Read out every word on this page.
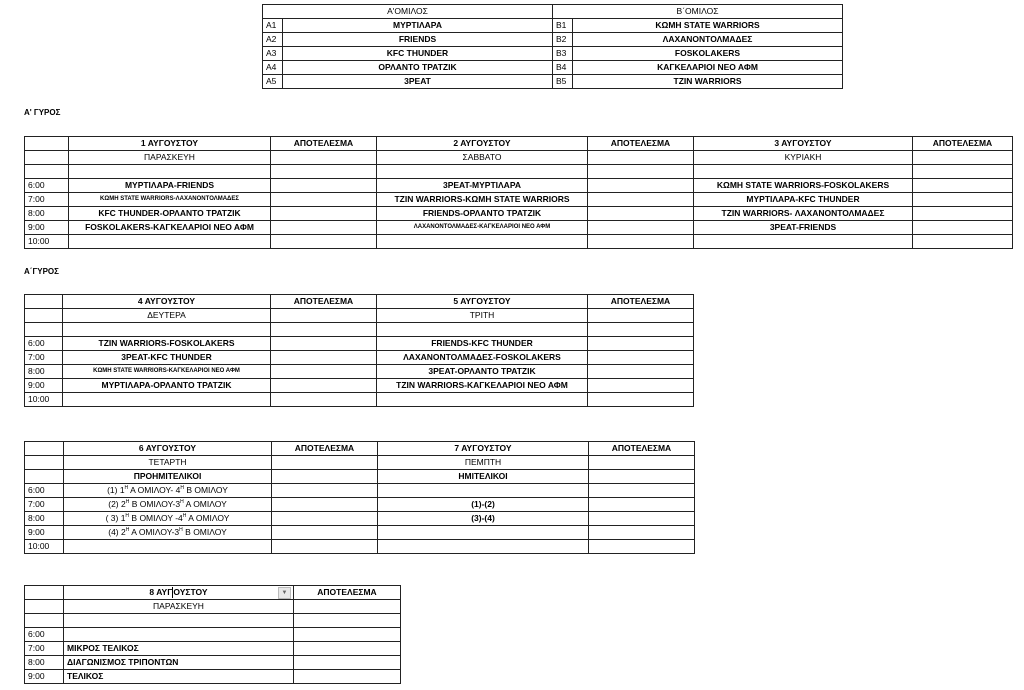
Α'ΟΜΙΛΟΣ		Β΄ΟΜΙΛΟΣ	
A1	ΜΥΡΤΙΛΑΡΑ	B1	ΚΩΜΗ STATE WARRIORS
A2	FRIENDS	B2	ΛΑΧΑΝΟΝΤΟΛΜΑΔΕΣ
A3	KFC THUNDER	B3	FOSKOLAKERS
A4	ΟΡΛΑΝΤΟ ΤΡΑΤΖΙΚ	B4	ΚΑΓΚΕΛΑΡΙΟΙ ΝΕΟ ΑΦΜ
A5	3ΡΕΑΤ	B5	TZIN WARRIORS
Α' ΓΥΡΟΣ
	1 ΑΥΓΟΥΣΤΟΥ	ΑΠΟΤΕΛΕΣΜΑ	2 ΑΥΓΟΥΣΤΟΥ	ΑΠΟΤΕΛΕΣΜΑ	3 ΑΥΓΟΥΣΤΟΥ	ΑΠΟΤΕΛΕΣΜΑ
	ΠΑΡΑΣΚΕΥΗ		ΣΑΒΒΑΤΟ		ΚΥΡΙΑΚΗ	

6:00	ΜΥΡΤΙΛΑΡΑ-FRIENDS		3ΡΕΑΤ-ΜΥΡΤΙΛΑΡΑ		ΚΩΜΗ STATE WARRIORS-FOSKOLAKERS	
7:00	ΚΩΜΗ STATE WARRIORS-ΛΑΧΑΝΟΝΤΟΛΜΑΔΕΣ		TZIN WARRIORS-ΚΩΜΗ STATE WARRIORS		ΜΥΡΤΙΛΑΡΑ-KFC THUNDER	
8:00	KFC THUNDER-ΟΡΛΑΝΤΟ ΤΡΑΤΖΙΚ		FRIENDS-ΟΡΛΑΝΤΟ ΤΡΑΤΖΙΚ		TZIN WARRIORS- ΛΑΧΑΝΟΝΤΟΛΜΑΔΕΣ	
9:00	FOSKOLAKERS-ΚΑΓΚΕΛΑΡΙΟΙ ΝΕΟ ΑΦΜ		ΛΑΧΑΝΟΝΤΟΛΜΑΔΕΣ-ΚΑΓΚΕΛΑΡΙΟΙ ΝΕΟ ΑΦΜ		3ΡΕΑΤ-FRIENDS	
10:00						
Α΄ΓΥΡΟΣ
	4 ΑΥΓΟΥΣΤΟΥ	ΑΠΟΤΕΛΕΣΜΑ	5 ΑΥΓΟΥΣΤΟΥ	ΑΠΟΤΕΛΕΣΜΑ
	ΔΕΥΤΕΡΑ		ΤΡΙΤΗ	

6:00	TZIN WARRIORS-FOSKOLAKERS		FRIENDS-KFC THUNDER	
7:00	3ΡΕΑΤ-KFC THUNDER		ΛΑΧΑΝΟΝΤΟΛΜΑΔΕΣ-FOSKOLAKERS	
8:00	ΚΩΜΗ STATE WARRIORS-ΚΑΓΚΕΛΑΡΙΟΙ ΝΕΟ ΑΦΜ		3ΡΕΑΤ-ΟΡΛΑΝΤΟ ΤΡΑΤΖΙΚ	
9:00	ΜΥΡΤΙΛΑΡΑ-ΟΡΛΑΝΤΟ ΤΡΑΤΖΙΚ		TZIN WARRIORS-ΚΑΓΚΕΛΑΡΙΟΙ ΝΕΟ ΑΦΜ	
10:00				
	6 ΑΥΓΟΥΣΤΟΥ	ΑΠΟΤΕΛΕΣΜΑ	7 ΑΥΓΟΥΣΤΟΥ	ΑΠΟΤΕΛΕΣΜΑ
	ΤΕΤΑΡΤΗ		ΠΕΜΠΤΗ	
	ΠΡΟΗΜΙΤΕΛΙΚΟΙ		ΗΜΙΤΕΛΙΚΟΙ	
6:00	(1) $1^H$ Α ΟΜΙΛΟΥ- $4^H$ Β ΟΜΙΛΟΥ			
7:00	(2) $2^H$ Β ΟΜΙΛΟΥ-$3^H$ Α ΟΜΙΛΟΥ		(1)-(2)	
8:00	( 3) $1^H$ Β ΟΜΙΛΟΥ $-4^H$ Α ΟΜΙΛΟΥ		(3)-(4)	
9:00	(4) $2^H$ Α ΟΜΙΛΟΥ-$3^H$ Β ΟΜΙΛΟΥ			
10:00				
	8 ΑΥΓΟΥΣΤΟΥ ▼	ΑΠΟΤΕΛΕΣΜΑ
	ΠΑΡΑΣΚΕΥΗ	

6:00		
7:00	ΜΙΚΡΟΣ ΤΕΛΙΚΟΣ	
8:00	ΔΙΑΓΩΝΙΣΜΟΣ ΤΡΙΠΟΝΤΩΝ	
9:00	ΤΕΛΙΚΟΣ	
